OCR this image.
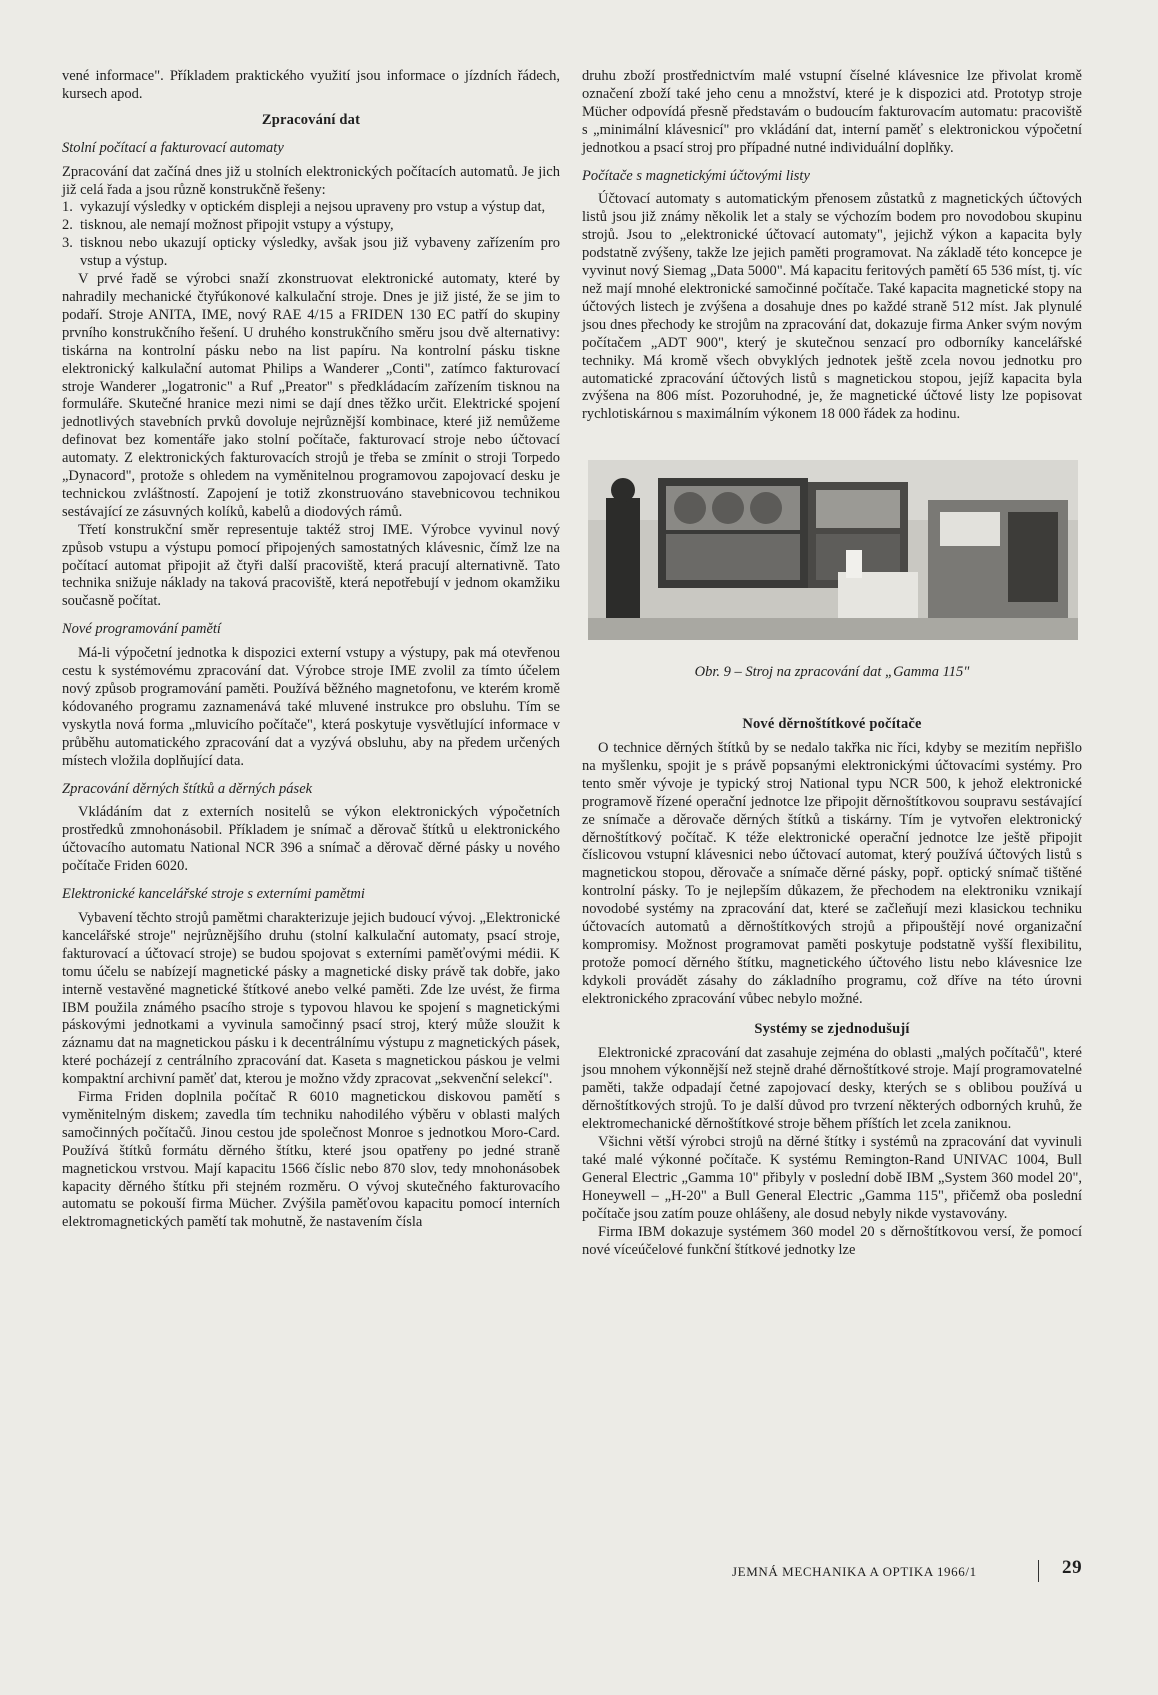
vené informace". Příkladem praktického využití jsou informace o jízdních řádech, kursech apod.

Zpracování dat
Stolní počítací a fakturovací automaty

Zpracování dat začíná dnes již u stolních elektronických počítacích automatů. Je jich již celá řada a jsou různě konstrukčně řešeny:

1. vykazují výsledky v optickém displeji a nejsou upraveny pro vstup a výstup dat,
2. tisknou, ale nemají možnost připojit vstupy a výstupy,
3. tisknou nebo ukazují opticky výsledky, avšak jsou již vybaveny zařízením pro vstup a výstup.

V prvé řadě se výrobci snaží zkonstruovat elektronické automaty, které by nahradily mechanické čtyřúkonové kalkulační stroje. Dnes je již jisté, že se jim to podaří. Stroje ANITA, IME, nový RAE 4/15 a FRIDEN 130 EC patří do skupiny prvního konstrukčního řešení. U druhého konstrukčního směru jsou dvě alternativy: tiskárna na kontrolní pásku nebo na list papíru. Na kontrolní pásku tiskne elektronický kalkulační automat Philips a Wanderer „Conti", zatímco fakturovací stroje Wanderer „logatronic" a Ruf „Preator" s předkládacím zařízením tisknou na formuláře. Skutečné hranice mezi nimi se dají dnes těžko určit. Elektrické spojení jednotlivých stavebních prvků dovoluje nejrůznější kombinace, které již nemůžeme definovat bez komentáře jako stolní počítače, fakturovací stroje nebo účtovací automaty. Z elektronických fakturovacích strojů je třeba se zmínit o stroji Torpedo „Dynacord", protože s ohledem na vyměnitelnou programovou zapojovací desku je technickou zvláštností. Zapojení je totiž zkonstruováno stavebnicovou technikou sestávající ze zásuvných kolíků, kabelů a diodových rámů.

Třetí konstrukční směr representuje taktéž stroj IME. Výrobce vyvinul nový způsob vstupu a výstupu pomocí připojených samostatných klávesnic, čímž lze na počítací automat připojit až čtyři další pracoviště, která pracují alternativně. Tato technika snižuje náklady na taková pracoviště, která nepotřebují v jednom okamžiku současně počítat.

Nové programování pamětí

Má-li výpočetní jednotka k dispozici externí vstupy a výstupy, pak má otevřenou cestu k systémovému zpracování dat. Výrobce stroje IME zvolil za tímto účelem nový způsob programování paměti. Používá běžného magnetofonu, ve kterém kromě kódovaného programu zaznamenává také mluvené instrukce pro obsluhu. Tím se vyskytla nová forma „mluvicího počítače", která poskytuje vysvětlující informace v průběhu automatického zpracování dat a vyzývá obsluhu, aby na předem určených místech vložila doplňující data.

Zpracování děrných štítků a děrných pásek

Vkládáním dat z externích nositelů se výkon elektronických výpočetních prostředků zmnohonásobil. Příkladem je snímač a děrovač štítků u elektronického účtovacího automatu National NCR 396 a snímač a děrovač děrné pásky u nového počítače Friden 6020.

Elektronické kancelářské stroje s externími pamětmi

Vybavení těchto strojů pamětmi charakterizuje jejich budoucí vývoj. „Elektronické kancelářské stroje" nejrůznějšího druhu (stolní kalkulační automaty, psací stroje, fakturovací a účtovací stroje) se budou spojovat s externími paměťovými médii. K tomu účelu se nabízejí magnetické pásky a magnetické disky právě tak dobře, jako interně vestavěné magnetické štítkové anebo velké paměti. Zde lze uvést, že firma IBM použila známého psacího stroje s typovou hlavou ke spojení s magnetickými páskovými jednotkami a vyvinula samočinný psací stroj, který může sloužit k záznamu dat na magnetickou pásku i k decentrálnímu výstupu z magnetických pásek, které pocházejí z centrálního zpracování dat. Kaseta s magnetickou páskou je velmi kompaktní archivní paměť dat, kterou je možno vždy zpracovat „sekvenční selekcí".

Firma Friden doplnila počítač R 6010 magnetickou diskovou pamětí s vyměnitelným diskem; zavedla tím techniku nahodilého výběru v oblasti malých samočinných počítačů. Jinou cestou jde společnost Monroe s jednotkou Moro-Card. Používá štítků formátu děrného štítku, které jsou opatřeny po jedné straně magnetickou vrstvou. Mají kapacitu 1566 číslic nebo 870 slov, tedy mnohonásobek kapacity děrného štítku při stejném rozměru. O vývoj skutečného fakturovacího automatu se pokouší firma Mücher. Zvýšila paměťovou kapacitu pomocí interních elektromagnetických pamětí tak mohutně, že nastavením čísla

druhu zboží prostřednictvím malé vstupní číselné klávesnice lze přivolat kromě označení zboží také jeho cenu a množství, které je k dispozici atd. Prototyp stroje Mücher odpovídá přesně představám o budoucím fakturovacím automatu: pracoviště s „minimální klávesnicí" pro vkládání dat, interní paměť s elektronickou výpočetní jednotkou a psací stroj pro případné nutné individuální doplňky.

Počítače s magnetickými účtovými listy

Účtovací automaty s automatickým přenosem zůstatků z magnetických účtových listů jsou již známy několik let a staly se výchozím bodem pro novodobou skupinu strojů. Jsou to „elektronické účtovací automaty", jejichž výkon a kapacita byly podstatně zvýšeny, takže lze jejich paměti programovat. Na základě této koncepce je vyvinut nový Siemag „Data 5000". Má kapacitu feritových pamětí 65 536 míst, tj. víc než mají mnohé elektronické samočinné počítače. Také kapacita magnetické stopy na účtových listech je zvýšena a dosahuje dnes po každé straně 512 míst. Jak plynulé jsou dnes přechody ke strojům na zpracování dat, dokazuje firma Anker svým novým počítačem „ADT 900", který je skutečnou senzací pro odborníky kancelářské techniky. Má kromě všech obvyklých jednotek ještě zcela novou jednotku pro automatické zpracování účtových listů s magnetickou stopou, jejíž kapacita byla zvýšena na 806 míst. Pozoruhodné, je, že magnetické účtové listy lze popisovat rychlotiskárnou s maximálním výkonem 18 000 řádek za hodinu.

Obr. 9 – Stroj na zpracování dat „Gamma 115"
Nové děrnoštítkové počítače

O technice děrných štítků by se nedalo takřka nic říci, kdyby se mezitím nepřišlo na myšlenku, spojit je s právě popsanými elektronickými účtovacími systémy. Pro tento směr vývoje je typický stroj National typu NCR 500, k jehož elektronické programově řízené operační jednotce lze připojit děrnoštítkovou soupravu sestávající ze snímače a děrovače děrných štítků a tiskárny. Tím je vytvořen elektronický děrnoštítkový počítač. K téže elektronické operační jednotce lze ještě připojit číslicovou vstupní klávesnici nebo účtovací automat, který používá účtových listů s magnetickou stopou, děrovače a snímače děrné pásky, popř. optický snímač tištěné kontrolní pásky. To je nejlepším důkazem, že přechodem na elektroniku vznikají novodobé systémy na zpracování dat, které se začleňují mezi klasickou techniku účtovacích automatů a děrnoštítkových strojů a připouštějí nové organizační kompromisy. Možnost programovat paměti poskytuje podstatně vyšší flexibilitu, protože pomocí děrného štítku, magnetického účtového listu nebo klávesnice lze kdykoli provádět zásahy do základního programu, což dříve na této úrovni elektronického zpracování vůbec nebylo možné.

Systémy se zjednodušují

Elektronické zpracování dat zasahuje zejména do oblasti „malých počítačů", které jsou mnohem výkonnější než stejně drahé děrnoštítkové stroje. Mají programovatelné paměti, takže odpadají četné zapojovací desky, kterých se s oblibou používá u děrnoštítkových strojů. To je další důvod pro tvrzení některých odborných kruhů, že elektromechanické děrnoštítkové stroje během příštích let zcela zaniknou.

Všichni větší výrobci strojů na děrné štítky i systémů na zpracování dat vyvinuli také malé výkonné počítače. K systému Remington-Rand UNIVAC 1004, Bull General Electric „Gamma 10" přibyly v poslední době IBM „System 360 model 20", Honeywell – „H-20" a Bull General Electric „Gamma 115", přičemž oba poslední počítače jsou zatím pouze ohlášeny, ale dosud nebyly nikde vystavovány.

Firma IBM dokazuje systémem 360 model 20 s děrnoštítkovou versí, že pomocí nové víceúčelové funkční štítkové jednotky lze

JEMNÁ MECHANIKA A OPTIKA 1966/1	29
